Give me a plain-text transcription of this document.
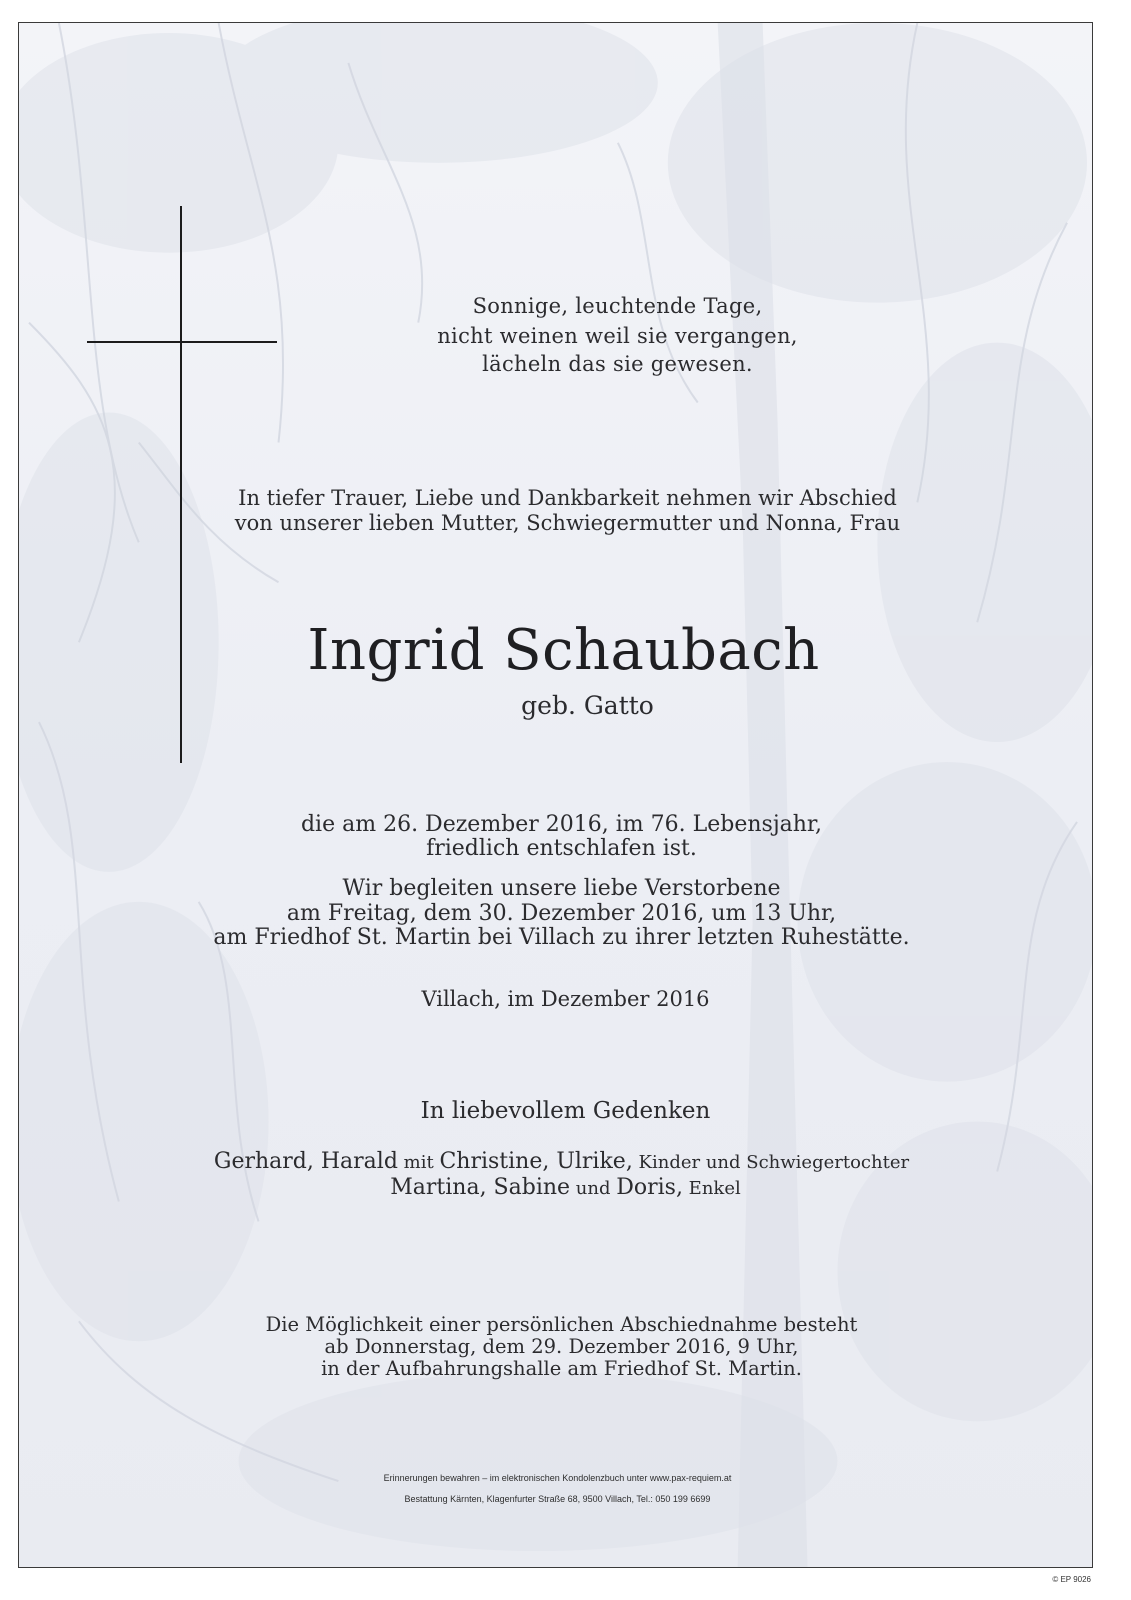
Sonnige, leuchtende Tage,
nicht weinen weil sie vergangen,
lächeln das sie gewesen.
In tiefer Trauer, Liebe und Dankbarkeit nehmen wir Abschied
von unserer lieben Mutter, Schwiegermutter und Nonna, Frau
Ingrid Schaubach
geb. Gatto
die am 26. Dezember 2016, im 76. Lebensjahr,
friedlich entschlafen ist.
Wir begleiten unsere liebe Verstorbene
am Freitag, dem 30. Dezember 2016, um 13 Uhr,
am Friedhof St. Martin bei Villach zu ihrer letzten Ruhestätte.
Villach, im Dezember 2016
In liebevollem Gedenken
Gerhard, Harald mit Christine, Ulrike, Kinder und Schwiegertochter
Martina, Sabine und Doris, Enkel
Die Möglichkeit einer persönlichen Abschiednahme besteht
ab Donnerstag, dem 29. Dezember 2016, 9 Uhr,
in der Aufbahrungshalle am Friedhof St. Martin.
Erinnerungen bewahren – im elektronischen Kondolenzbuch unter www.pax-requiem.at
Bestattung Kärnten, Klagenfurter Straße 68, 9500 Villach, Tel.: 050 199 6699
© EP 9026
